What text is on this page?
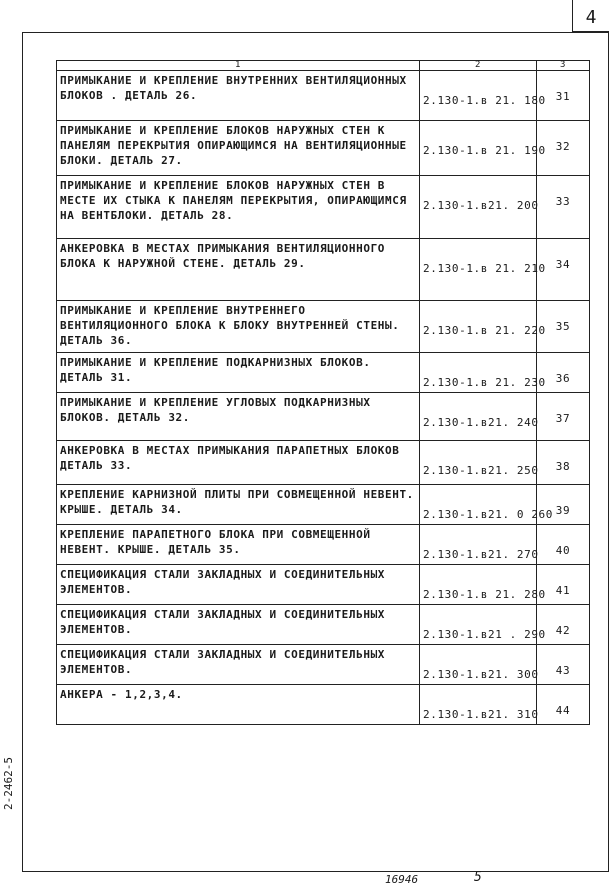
4
1	2	3
ПРИМЫКАНИЕ И КРЕПЛЕНИЕ ВНУТРЕННИХ ВЕНТИЛЯЦИОННЫХ БЛОКОВ . ДЕТАЛЬ 26.	2.130-1.в 21. 180	31
ПРИМЫКАНИЕ И КРЕПЛЕНИЕ БЛОКОВ НАРУЖНЫХ СТЕН К ПАНЕЛЯМ ПЕРЕКРЫТИЯ ОПИРАЮЩИМСЯ НА ВЕНТИЛЯЦИОННЫЕ БЛОКИ. ДЕТАЛЬ 27.	2.130-1.в 21. 190	32
ПРИМЫКАНИЕ И КРЕПЛЕНИЕ БЛОКОВ НАРУЖНЫХ СТЕН В МЕСТЕ ИХ СТЫКА К ПАНЕЛЯМ ПЕРЕКРЫТИЯ, ОПИРАЮЩИМСЯ НА ВЕНТБЛОКИ. ДЕТАЛЬ 28.	2.130-1.в21. 200	33
АНКЕРОВКА В МЕСТАХ ПРИМЫКАНИЯ ВЕНТИЛЯЦИОННОГО БЛОКА К НАРУЖНОЙ СТЕНЕ. ДЕТАЛЬ 29.	2.130-1.в 21. 210	34
ПРИМЫКАНИЕ И КРЕПЛЕНИЕ ВНУТРЕННЕГО ВЕНТИЛЯЦИОННОГО БЛОКА К БЛОКУ ВНУТРЕННЕЙ СТЕНЫ. ДЕТАЛЬ 36.	2.130-1.в 21. 220	35
ПРИМЫКАНИЕ И КРЕПЛЕНИЕ ПОДКАРНИЗНЫХ БЛОКОВ. ДЕТАЛЬ 31.	2.130-1.в 21. 230	36
ПРИМЫКАНИЕ И КРЕПЛЕНИЕ УГЛОВЫХ ПОДКАРНИЗНЫХ БЛОКОВ. ДЕТАЛЬ 32.	2.130-1.в21. 240	37
АНКЕРОВКА В МЕСТАХ ПРИМЫКАНИЯ ПАРАПЕТНЫХ БЛОКОВ ДЕТАЛЬ 33.	2.130-1.в21. 250	38
КРЕПЛЕНИЕ КАРНИЗНОЙ ПЛИТЫ ПРИ СОВМЕЩЕННОЙ НЕВЕНТ. КРЫШЕ. ДЕТАЛЬ 34.	2.130-1.в21. 0 260	39
КРЕПЛЕНИЕ ПАРАПЕТНОГО БЛОКА ПРИ СОВМЕЩЕННОЙ НЕВЕНТ. КРЫШЕ. ДЕТАЛЬ 35.	2.130-1.в21. 270	40
СПЕЦИФИКАЦИЯ СТАЛИ ЗАКЛАДНЫХ И СОЕДИНИТЕЛЬНЫХ ЭЛЕМЕНТОВ.	2.130-1.в 21. 280	41
СПЕЦИФИКАЦИЯ СТАЛИ ЗАКЛАДНЫХ И СОЕДИНИТЕЛЬНЫХ ЭЛЕМЕНТОВ.	2.130-1.в21 . 290	42
СПЕЦИФИКАЦИЯ СТАЛИ ЗАКЛАДНЫХ И СОЕДИНИТЕЛЬНЫХ ЭЛЕМЕНТОВ.	2.130-1.в21. 300	43
АНКЕРА - 1,2,3,4.	2.130-1.в21. 310	44
2-2462-5
16946	5
